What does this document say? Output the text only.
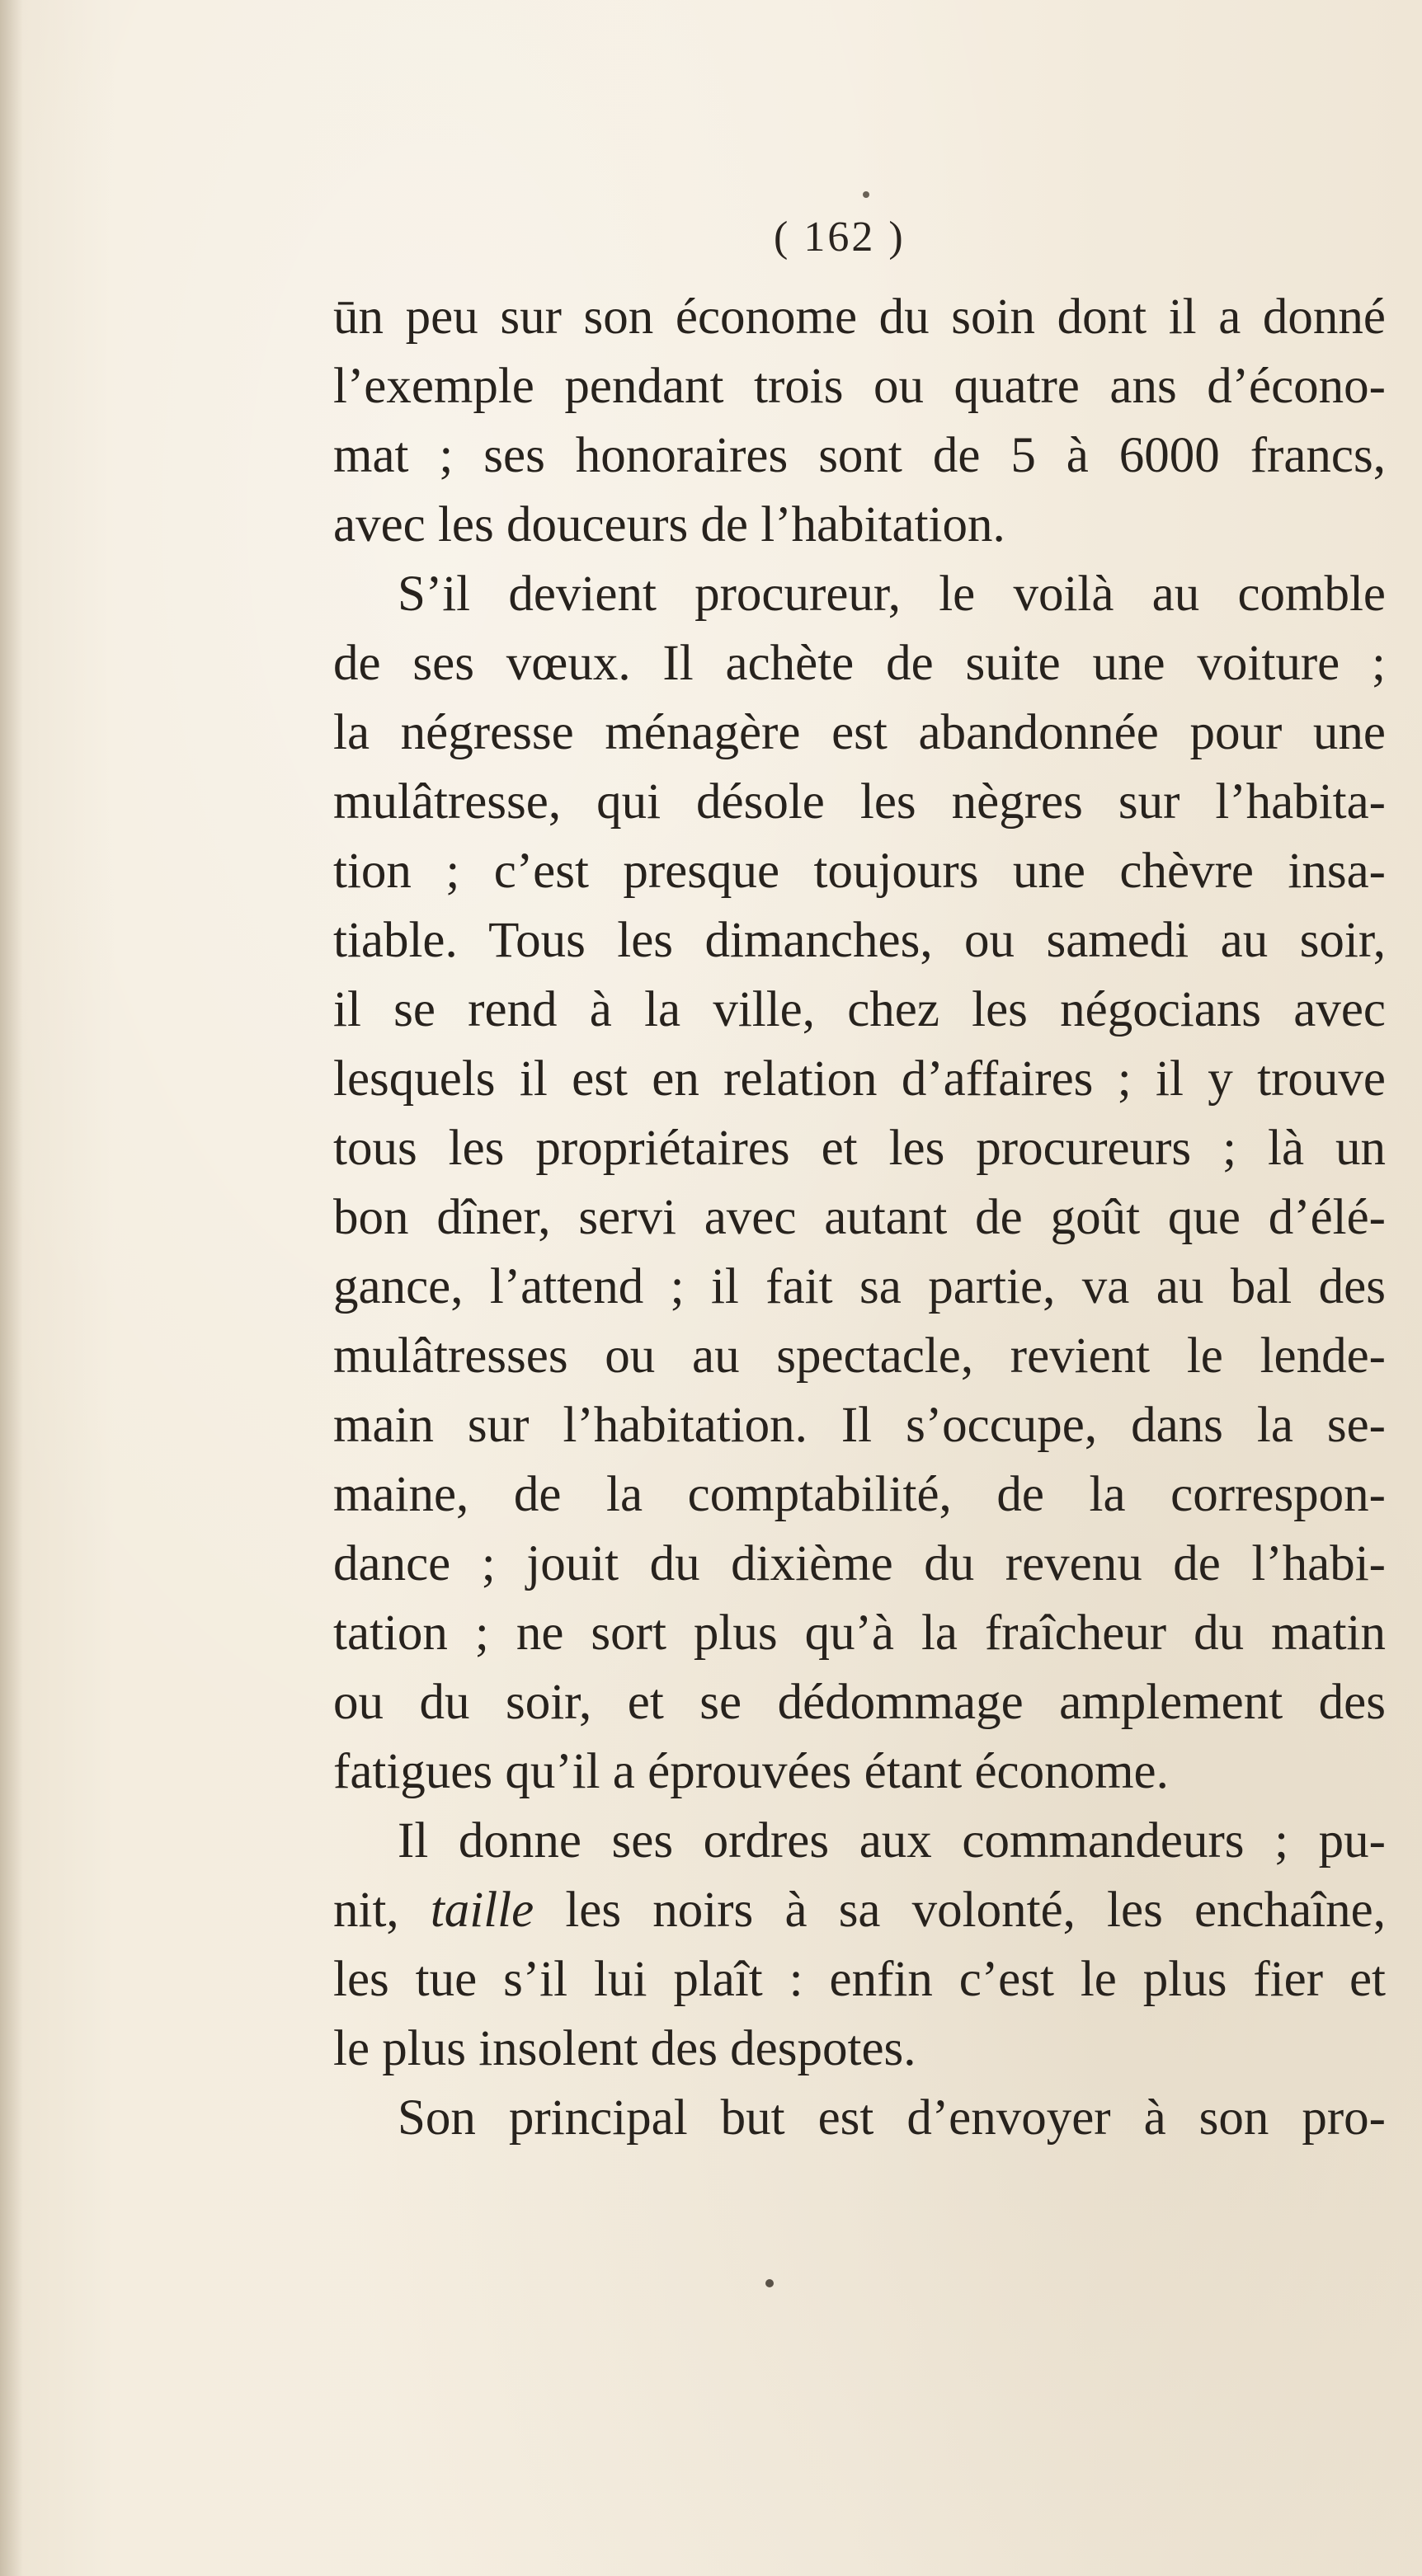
( 162 )
ūn peu sur son économe du soin dont il a donné
l’exemple pendant trois ou quatre ans d’écono-
mat ; ses honoraires sont de 5 à 6000 francs,
avec les douceurs de l’habitation.
S’il devient procureur, le voilà au comble
de ses vœux. Il achète de suite une voiture ;
la négresse ménagère est abandonnée pour une
mulâtresse, qui désole les nègres sur l’habita-
tion ; c’est presque toujours une chèvre insa-
tiable. Tous les dimanches, ou samedi au soir,
il se rend à la ville, chez les négocians avec
lesquels il est en relation d’affaires ; il y trouve
tous les propriétaires et les procureurs ; là un
bon dîner, servi avec autant de goût que d’élé-
gance, l’attend ; il fait sa partie, va au bal des
mulâtresses ou au spectacle, revient le lende-
main sur l’habitation. Il s’occupe, dans la se-
maine, de la comptabilité, de la correspon-
dance ; jouit du dixième du revenu de l’habi-
tation ; ne sort plus qu’à la fraîcheur du matin
ou du soir, et se dédommage amplement des
fatigues qu’il a éprouvées étant économe.
Il donne ses ordres aux commandeurs ; pu-
nit, taille les noirs à sa volonté, les enchaîne,
les tue s’il lui plaît : enfin c’est le plus fier et
le plus insolent des despotes.
Son principal but est d’envoyer à son pro-
